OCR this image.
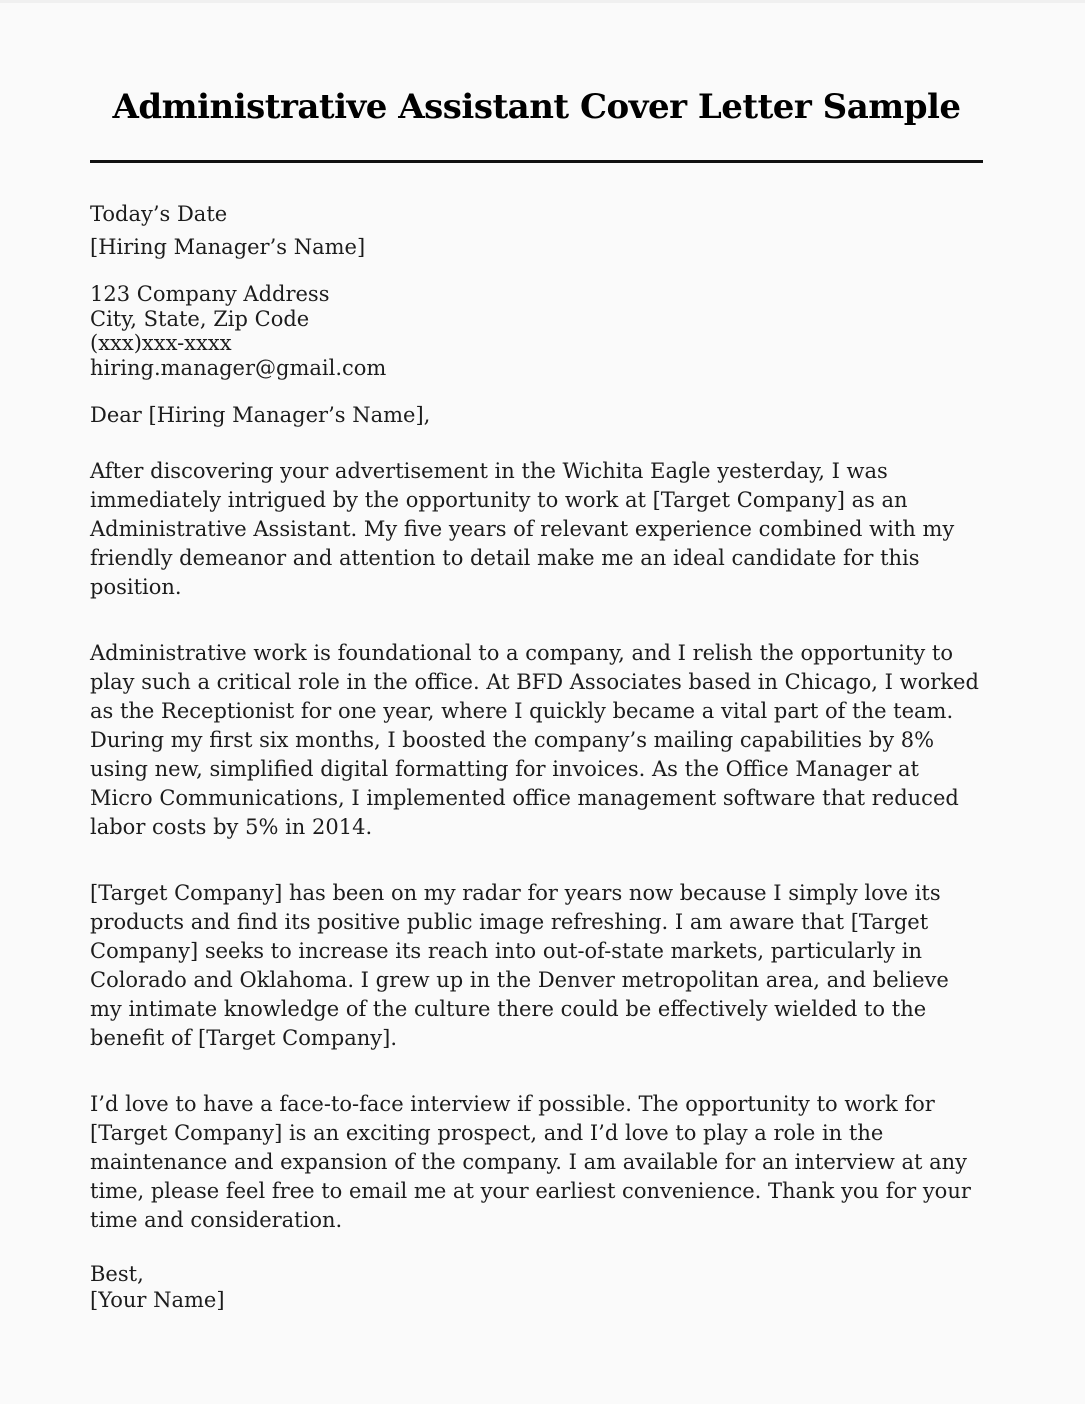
Administrative Assistant Cover Letter Sample

Today’s Date

[Hiring Manager’s Name]

123 Company Address
City, State, Zip Code
(xxx)xxx-xxxx
hiring.manager@gmail.com

Dear [Hiring Manager’s Name],

After discovering your advertisement in the Wichita Eagle yesterday, I was immediately intrigued by the opportunity to work at [Target Company] as an Administrative Assistant. My five years of relevant experience combined with my friendly demeanor and attention to detail make me an ideal candidate for this position.

Administrative work is foundational to a company, and I relish the opportunity to play such a critical role in the office. At BFD Associates based in Chicago, I worked as the Receptionist for one year, where I quickly became a vital part of the team. During my first six months, I boosted the company’s mailing capabilities by 8% using new, simplified digital formatting for invoices. As the Office Manager at Micro Communications, I implemented office management software that reduced labor costs by 5% in 2014.

[Target Company] has been on my radar for years now because I simply love its products and find its positive public image refreshing. I am aware that [Target Company] seeks to increase its reach into out-of-state markets, particularly in Colorado and Oklahoma. I grew up in the Denver metropolitan area, and believe my intimate knowledge of the culture there could be effectively wielded to the benefit of [Target Company].

I’d love to have a face-to-face interview if possible. The opportunity to work for [Target Company] is an exciting prospect, and I’d love to play a role in the maintenance and expansion of the company. I am available for an interview at any time, please feel free to email me at your earliest convenience. Thank you for your time and consideration.

Best,
[Your Name]
